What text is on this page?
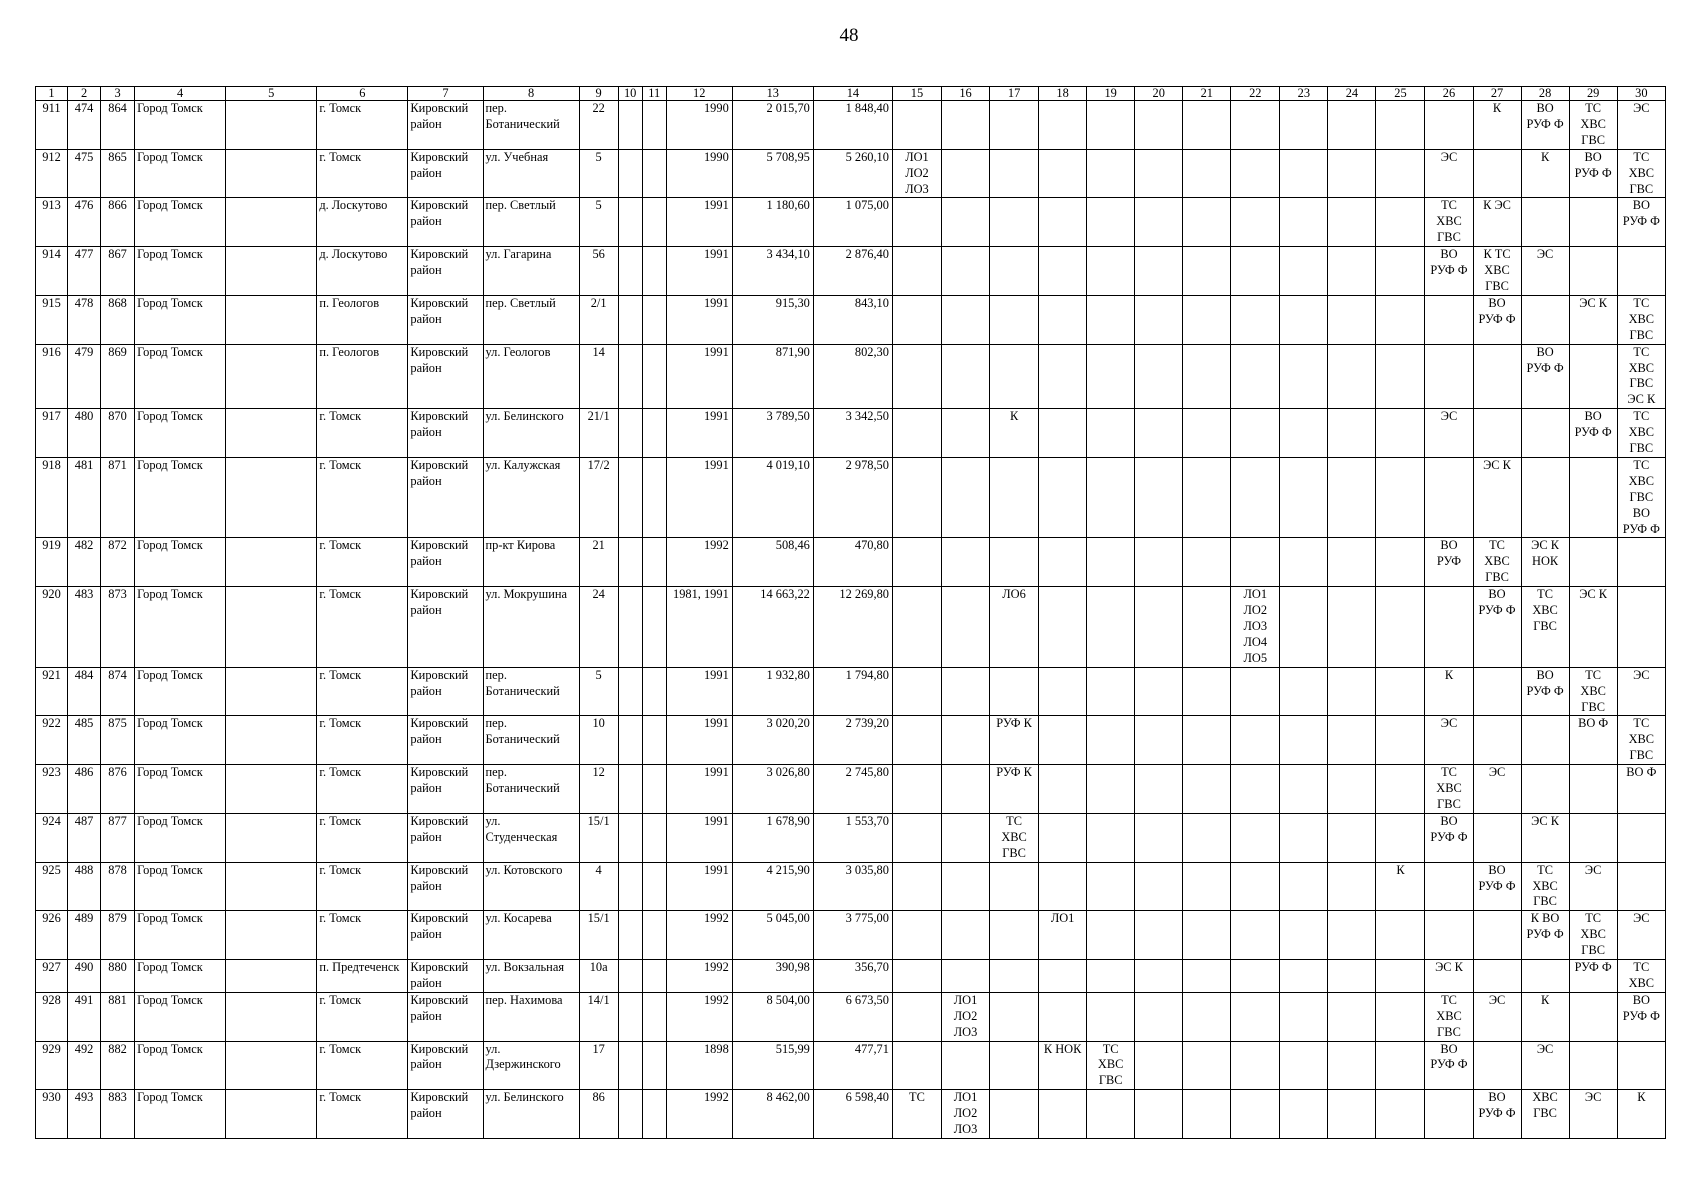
48
1	2	3	4	5	6	7	8	9	10	11	12	13	14	15	16	17	18	19	20	21	22	23	24	25	26	27	28	29	30
911	474	864	Город Томск		г. Томск	Кировский
район	пер.
Ботанический	22			1990	2 015,70	1 848,40													К	ВО
РУФ Ф	ТС
ХВС
ГВС	ЭС
912	475	865	Город Томск		г. Томск	Кировский
район	ул. Учебная	5			1990	5 708,95	5 260,10	ЛО1
ЛО2
ЛО3											ЭС		К	ВО
РУФ Ф	ТС
ХВС
ГВС
913	476	866	Город Томск		д. Лоскутово	Кировский
район	пер. Светлый	5			1991	1 180,60	1 075,00												ТС
ХВС
ГВС	К ЭС			ВО
РУФ Ф
914	477	867	Город Томск		д. Лоскутово	Кировский
район	ул. Гагарина	56			1991	3 434,10	2 876,40												ВО
РУФ Ф	К ТС
ХВС
ГВС	ЭС		
915	478	868	Город Томск		п. Геологов	Кировский
район	пер. Светлый	2/1			1991	915,30	843,10													ВО
РУФ Ф		ЭС К	ТС
ХВС
ГВС
916	479	869	Город Томск		п. Геологов	Кировский
район	ул. Геологов	14			1991	871,90	802,30														ВО
РУФ Ф		ТС
ХВС
ГВС
ЭС К
917	480	870	Город Томск		г. Томск	Кировский
район	ул. Белинского	21/1			1991	3 789,50	3 342,50			К									ЭС			ВО
РУФ Ф	ТС
ХВС
ГВС
918	481	871	Город Томск		г. Томск	Кировский
район	ул. Калужская	17/2			1991	4 019,10	2 978,50													ЭС К			ТС
ХВС
ГВС
ВО
РУФ Ф
919	482	872	Город Томск		г. Томск	Кировский
район	пр-кт Кирова	21			1992	508,46	470,80												ВО
РУФ	ТС
ХВС
ГВС	ЭС К
НОК		
920	483	873	Город Томск		г. Томск	Кировский
район	ул. Мокрушина	24			1981, 1991	14 663,22	12 269,80			ЛО6					ЛО1
ЛО2
ЛО3
ЛО4
ЛО5					ВО
РУФ Ф	ТС
ХВС
ГВС	ЭС К	
921	484	874	Город Томск		г. Томск	Кировский
район	пер.
Ботанический	5			1991	1 932,80	1 794,80												К		ВО
РУФ Ф	ТС
ХВС
ГВС	ЭС
922	485	875	Город Томск		г. Томск	Кировский
район	пер.
Ботанический	10			1991	3 020,20	2 739,20			РУФ К									ЭС			ВО Ф	ТС
ХВС
ГВС
923	486	876	Город Томск		г. Томск	Кировский
район	пер.
Ботанический	12			1991	3 026,80	2 745,80			РУФ К									ТС
ХВС
ГВС	ЭС			ВО Ф
924	487	877	Город Томск		г. Томск	Кировский
район	ул.
Студенческая	15/1			1991	1 678,90	1 553,70			ТС
ХВС
ГВС									ВО
РУФ Ф		ЭС К		
925	488	878	Город Томск		г. Томск	Кировский
район	ул. Котовского	4			1991	4 215,90	3 035,80											К		ВО
РУФ Ф	ТС
ХВС
ГВС	ЭС	
926	489	879	Город Томск		г. Томск	Кировский
район	ул. Косарева	15/1			1992	5 045,00	3 775,00				ЛО1										К ВО
РУФ Ф	ТС
ХВС
ГВС	ЭС
927	490	880	Город Томск		п. Предтеченск	Кировский
район	ул. Вокзальная	10а			1992	390,98	356,70												ЭС К			РУФ Ф	ТС
ХВС
928	491	881	Город Томск		г. Томск	Кировский
район	пер. Нахимова	14/1			1992	8 504,00	6 673,50		ЛО1
ЛО2
ЛО3										ТС
ХВС
ГВС	ЭС	К		ВО
РУФ Ф
929	492	882	Город Томск		г. Томск	Кировский
район	ул.
Дзержинского	17			1898	515,99	477,71				К НОК	ТС
ХВС
ГВС							ВО
РУФ Ф		ЭС		
930	493	883	Город Томск		г. Томск	Кировский
район	ул. Белинского	86			1992	8 462,00	6 598,40	ТС	ЛО1
ЛО2
ЛО3											ВО
РУФ Ф	ХВС
ГВС	ЭС	К
